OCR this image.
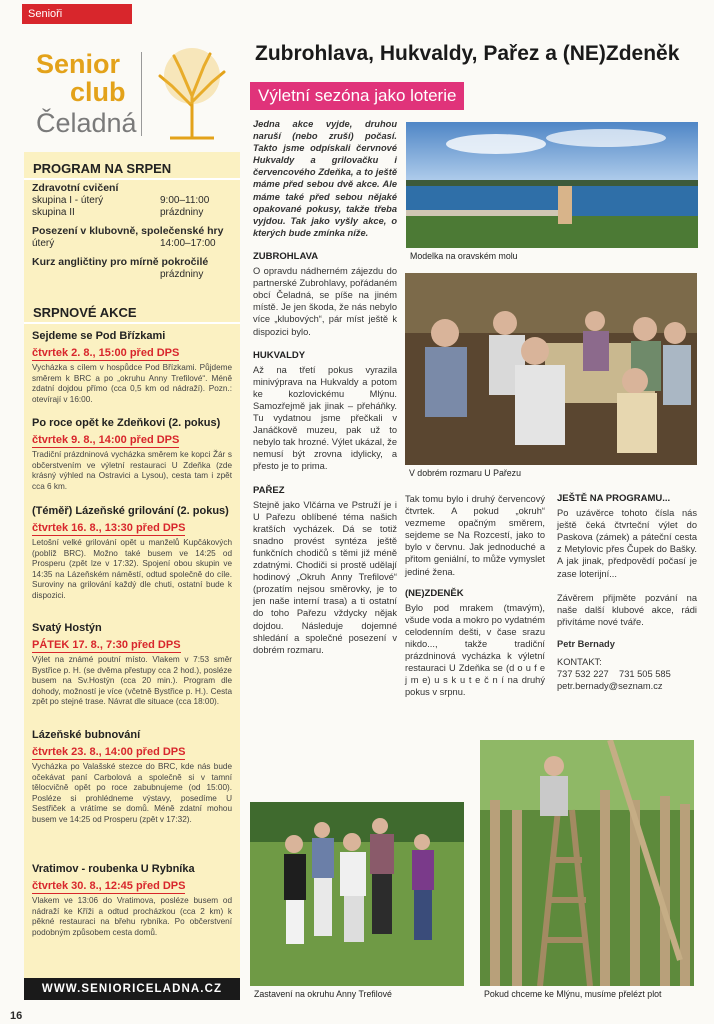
Senioři
Senior
club
Čeladná
PROGRAM NA SRPEN
Zdravotní cvičení
skupina I - úterý	9:00–11:00
skupina II	prázdniny
Posezení v klubovně, společenské hry
úterý	14:00–17:00
Kurz angličtiny pro mírně pokročilé
prázdniny
SRPNOVÉ AKCE
Sejdeme se Pod Břízkami
čtvrtek 2. 8., 15:00 před DPS

Vycházka s cílem v hospůdce Pod Břízkami. Půjdeme směrem k BRC a po „okruhu Anny Trefilové“. Méně zdatní dojdou přímo (cca 0,5 km od nádraží). Pozn.: otevírají v 16:00.

Po roce opět ke Zdeňkovi (2. pokus)
čtvrtek 9. 8., 14:00 před DPS

Tradiční prázdninová vycházka směrem ke kopci Žár s občerstvením ve výletní restauraci U Zdeňka (zde krásný výhled na Ostravici a Lysou), cesta tam i zpět cca 6 km.

(Téměř) Lázeňské grilování (2. pokus)
čtvrtek 16. 8., 13:30 před DPS

Letošní velké grilování opět u manželů Kupčákových (poblíž BRC). Možno také busem ve 14:25 od Prosperu (zpět lze v 17:32). Spojení obou skupin ve 14:35 na Lázeňském náměstí, odtud společně do cíle. Suroviny na grilování každý dle chuti, ostatní bude k dispozici.

Svatý Hostýn
PÁTEK 17. 8., 7:30 před DPS

Výlet na známé poutní místo. Vlakem v 7:53 směr Bystřice p. H. (se dvěma přestupy cca 2 hod.), posléze busem na Sv.Hostýn (cca 20 min.). Program dle dohody, možností je více (včetně Bystřice p. H.). Cesta zpět po stejné trase. Návrat dle situace (cca 18:00).

Lázeňské bubnování
čtvrtek 23. 8., 14:00 před DPS

Vycházka po Valašské stezce do BRC, kde nás bude očekávat paní Carbolová a společně si v tamní tělocvičně opět po roce zabubnujeme (od 15:00). Posléze si prohlédneme výstavy, posedíme U Sestřiček a vrátíme se domů. Méně zdatní mohou busem ve 14:25 od Prosperu (zpět v 17:32).

Vratimov - roubenka U Rybníka
čtvrtek 30. 8., 12:45 před DPS

Vlakem ve 13:06 do Vratimova, posléze busem od nádraží ke Kříži a odtud procházkou (cca 2 km) k pěkné restauraci na břehu rybníka. Po občerstvení podobným způsobem cesta domů.

WWW.SENIORICELADNA.CZ
16
Zubrohlava, Hukvaldy, Pařez a (NE)Zdeněk
Výletní sezóna jako loterie

Jedna akce vyjde, druhou naruší (nebo zruší) počasí. Takto jsme odpískali červnové Hukvaldy a grilovačku i červencového Zdeňka, a to ještě máme před sebou dvě akce. Ale máme také před sebou nějaké opakované pokusy, takže třeba vyjdou. Tak jako vyšly akce, o kterých bude zmínka níže.

ZUBROHLAVA

O opravdu nádherném zájezdu do partnerské Zubrohlavy, pořádaném obcí Čeladná, se píše na jiném místě. Je jen škoda, že nás nebylo více „klubových“, pár míst ještě k dispozici bylo.

HUKVALDY

Až na třetí pokus vyrazila minivýprava na Hukvaldy a potom ke kozlovickému Mlýnu. Samozřejmě jak jinak – přeháňky. Tu vydatnou jsme přečkali v Janáčkově muzeu, pak už to nebylo tak hrozné. Výlet ukázal, že nemusí být zrovna idylicky, a přesto je to prima.

PAŘEZ

Stejně jako Vlčárna ve Pstruží je i U Pařezu oblíbené téma našich kratších vycházek. Dá se totiž snadno provést syntéza ještě funkčních chodičů s těmi již méně zdatnými. Chodiči si prostě udělají hodinový „Okruh Anny Trefilové“ (prozatím nejsou směrovky, je to jen naše interní trasa) a ti ostatní do toho Pařezu vždycky nějak dojdou. Následuje dojemné shledání a společné posezení v dobrém rozmaru.

Modelka na oravském molu
V dobrém rozmaru U Pařezu

Tak tomu bylo i druhý červencový čtvrtek. A pokud „okruh“ vezmeme opačným směrem, sejdeme se Na Rozcestí, jako to bylo v červnu. Jak jednoduché a přitom geniální, to může vymyslet jediné žena.

(NE)ZDENĚK

Bylo pod mrakem (tmavým), všude voda a mokro po vydatném celodenním dešti, v čase srazu nikdo..., takže tradiční prázdninová vycházka k výletní restauraci U Zdeňka se (d o u f e j m e) u s k u t e č n í na druhý pokus v srpnu.

JEŠTĚ NA PROGRAMU...

Po uzávěrce tohoto čísla nás ještě čeká čtvrteční výlet do Paskova (zámek) a páteční cesta z Metylovic přes Čupek do Bašky. A jak jinak, předpovědí počasí je zase loterijní...

Závěrem přijměte pozvání na naše další klubové akce, rádi přivítáme nové tváře.

Petr Bernady

KONTAKT:
737 532 227 731 505 585
petr.bernady@seznam.cz
Zastavení na okruhu Anny Trefilové	Pokud chceme ke Mlýnu, musíme přelézt plot
